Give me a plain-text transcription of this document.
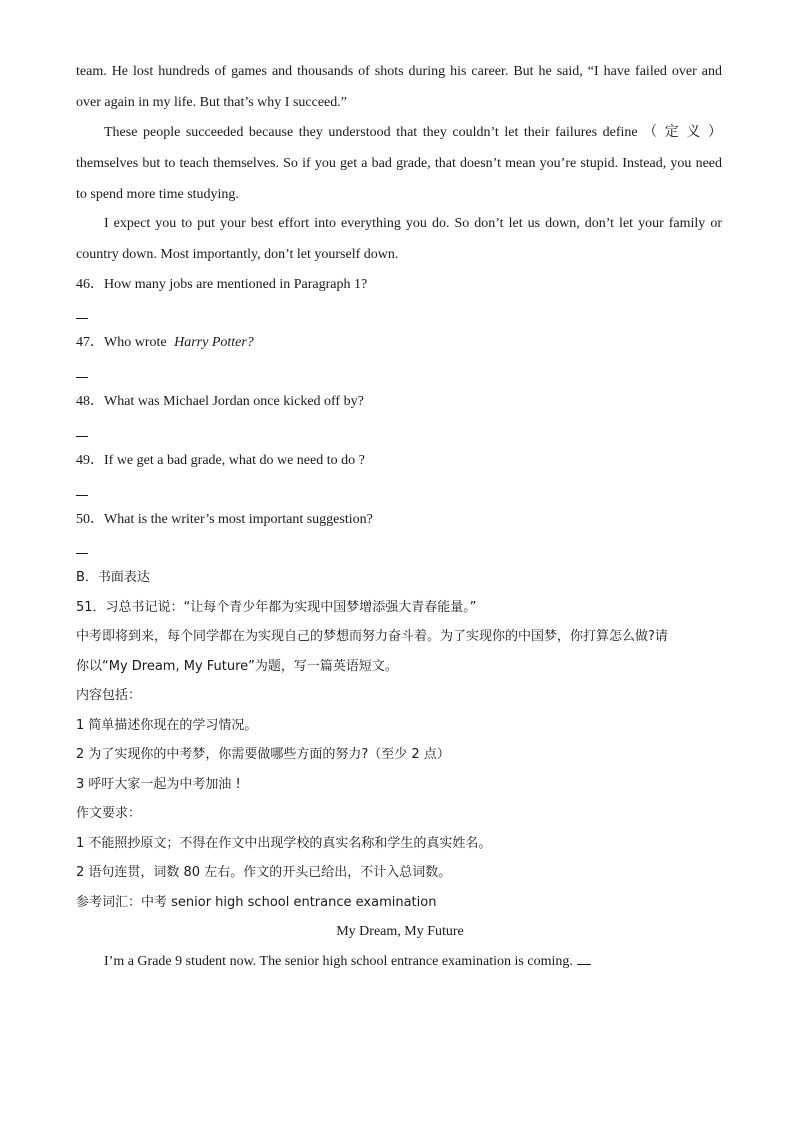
team. He lost hundreds of games and thousands of shots during his career. But he said, “I have failed over and
over again in my life. But that’s why I succeed.”
These people succeeded because they understood that they couldn’t let their failures define （ 定 义 ）
themselves but to teach themselves. So if you get a bad grade, that doesn’t mean you’re stupid. Instead, you need
to spend more time studying.
I expect you to put your best effort into everything you do. So don’t let us down, don’t let your family or
country down. Most importantly, don’t let yourself down.
46．How many jobs are mentioned in Paragraph 1?
47．Who wrote Harry Potter?
48．What was Michael Jordan once kicked off by?
49．If we get a bad grade, what do we need to do ?
50．What is the writer’s most important suggestion?
B．书面表达
51．习总书记说：“让每个青少年都为实现中国梦增添强大青春能量。”
中考即将到来，每个同学都在为实现自己的梦想而努力奋斗着。为了实现你的中国梦，你打算怎么做?请
你以“My Dream, My Future”为题，写一篇英语短文。
内容包括：
1 简单描述你现在的学习情况。
2 为了实现你的中考梦，你需要做哪些方面的努力?（至少 2 点）
3 呼吁大家一起为中考加油 !
作文要求：
1 不能照抄原文；不得在作文中出现学校的真实名称和学生的真实姓名。
2 语句连贯，词数 80 左右。作文的开头已给出，不计入总词数。
参考词汇：中考 senior high school entrance examination
My Dream, My Future
I’m a Grade 9 student now. The senior high school entrance examination is coming.
